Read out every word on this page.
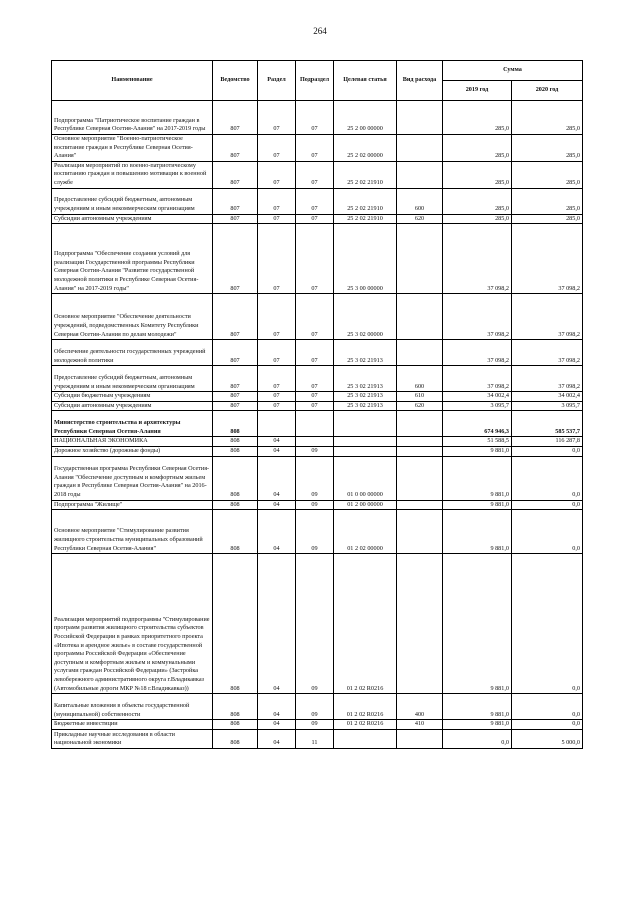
264
Наименование	Ведомство	Раздел	Подраздел	Целевая статья	Вид расхода	Сумма	
						2019 год	2020 год
Подпрограмма "Патриотическое воспитание граждан в Республике Северная Осетия-Алания" на 2017-2019 годы	807	07	07	25 2 00 00000		285,0	285,0
Основное мероприятие "Военно-патриотическое воспитание граждан в Республике Северная Осетия-Алания"	807	07	07	25 2 02 00000		285,0	285,0
Реализация мероприятий по военно-патриотическому воспитанию граждан и повышению мотивации к военной службе	807	07	07	25 2 02 21910		285,0	285,0
Предоставление субсидий бюджетным, автономным учреждениям и иным некоммерческим организациям	807	07	07	25 2 02 21910	600	285,0	285,0
Субсидии автономным учреждениям	807	07	07	25 2 02 21910	620	285,0	285,0
Подпрограмма "Обеспечение создания условий для реализации Государственной программы Республики Северная Осетия-Алания "Развитие государственной молодежной политики в Республике Северная Осетия-Алания" на 2017-2019 годы"	807	07	07	25 3 00 00000		37 098,2	37 098,2
Основное мероприятие "Обеспечение деятельности учреждений, подведомственных Комитету Республики Северная Осетия-Алания по делам молодежи"	807	07	07	25 3 02 00000		37 098,2	37 098,2
Обеспечение деятельности государственных учреждений молодежной политики	807	07	07	25 3 02 21913		37 098,2	37 098,2
Предоставление субсидий бюджетным, автономным учреждениям и иным некоммерческим организациям	807	07	07	25 3 02 21913	600	37 098,2	37 098,2
Субсидии бюджетным учреждениям	807	07	07	25 3 02 21913	610	34 002,4	34 002,4
Субсидии автономным учреждениям	807	07	07	25 3 02 21913	620	3 095,7	3 095,7
Министерство строительства и архитектуры Республики Северная Осетия-Алания	808					674 946,3	585 537,7
НАЦИОНАЛЬНАЯ ЭКОНОМИКА	808	04				51 588,5	116 287,8
Дорожное хозяйство (дорожные фонды)	808	04	09			9 881,0	0,0
Государственная программа Республики Северная Осетия-Алания "Обеспечение доступным и комфортным жильем граждан в Республике Северная Осетия-Алания" на 2016-2018 годы	808	04	09	01 0 00 00000		9 881,0	0,0
Подпрограмма "Жилище"	808	04	09	01 2 00 00000		9 881,0	0,0
Основное мероприятие "Стимулирование развития жилищного строительства муниципальных образований Республики Северная Осетия-Алания"	808	04	09	01 2 02 00000		9 881,0	0,0
Реализация мероприятий подпрограммы "Стимулирование программ развития жилищного строительства субъектов Российской Федерации в рамках приоритетного проекта «Ипотека и арендное жилье» в составе государственной программы Российской Федерации «Обеспечение доступным и комфортным жильем и коммунальными услугами граждан Российской Федерации» (Застройка левобережного административного округа г.Владикавказ (Автомобильные дороги МКР №18 г.Владикавказ))	808	04	09	01 2 02 R0216		9 881,0	0,0
Капитальные вложения в объекты государственной (муниципальной) собственности	808	04	09	01 2 02 R0216	400	9 881,0	0,0
Бюджетные инвестиции	808	04	09	01 2 02 R0216	410	9 881,0	0,0
Прикладные научные исследования в области национальной экономики	808	04	11			0,0	5 000,0
